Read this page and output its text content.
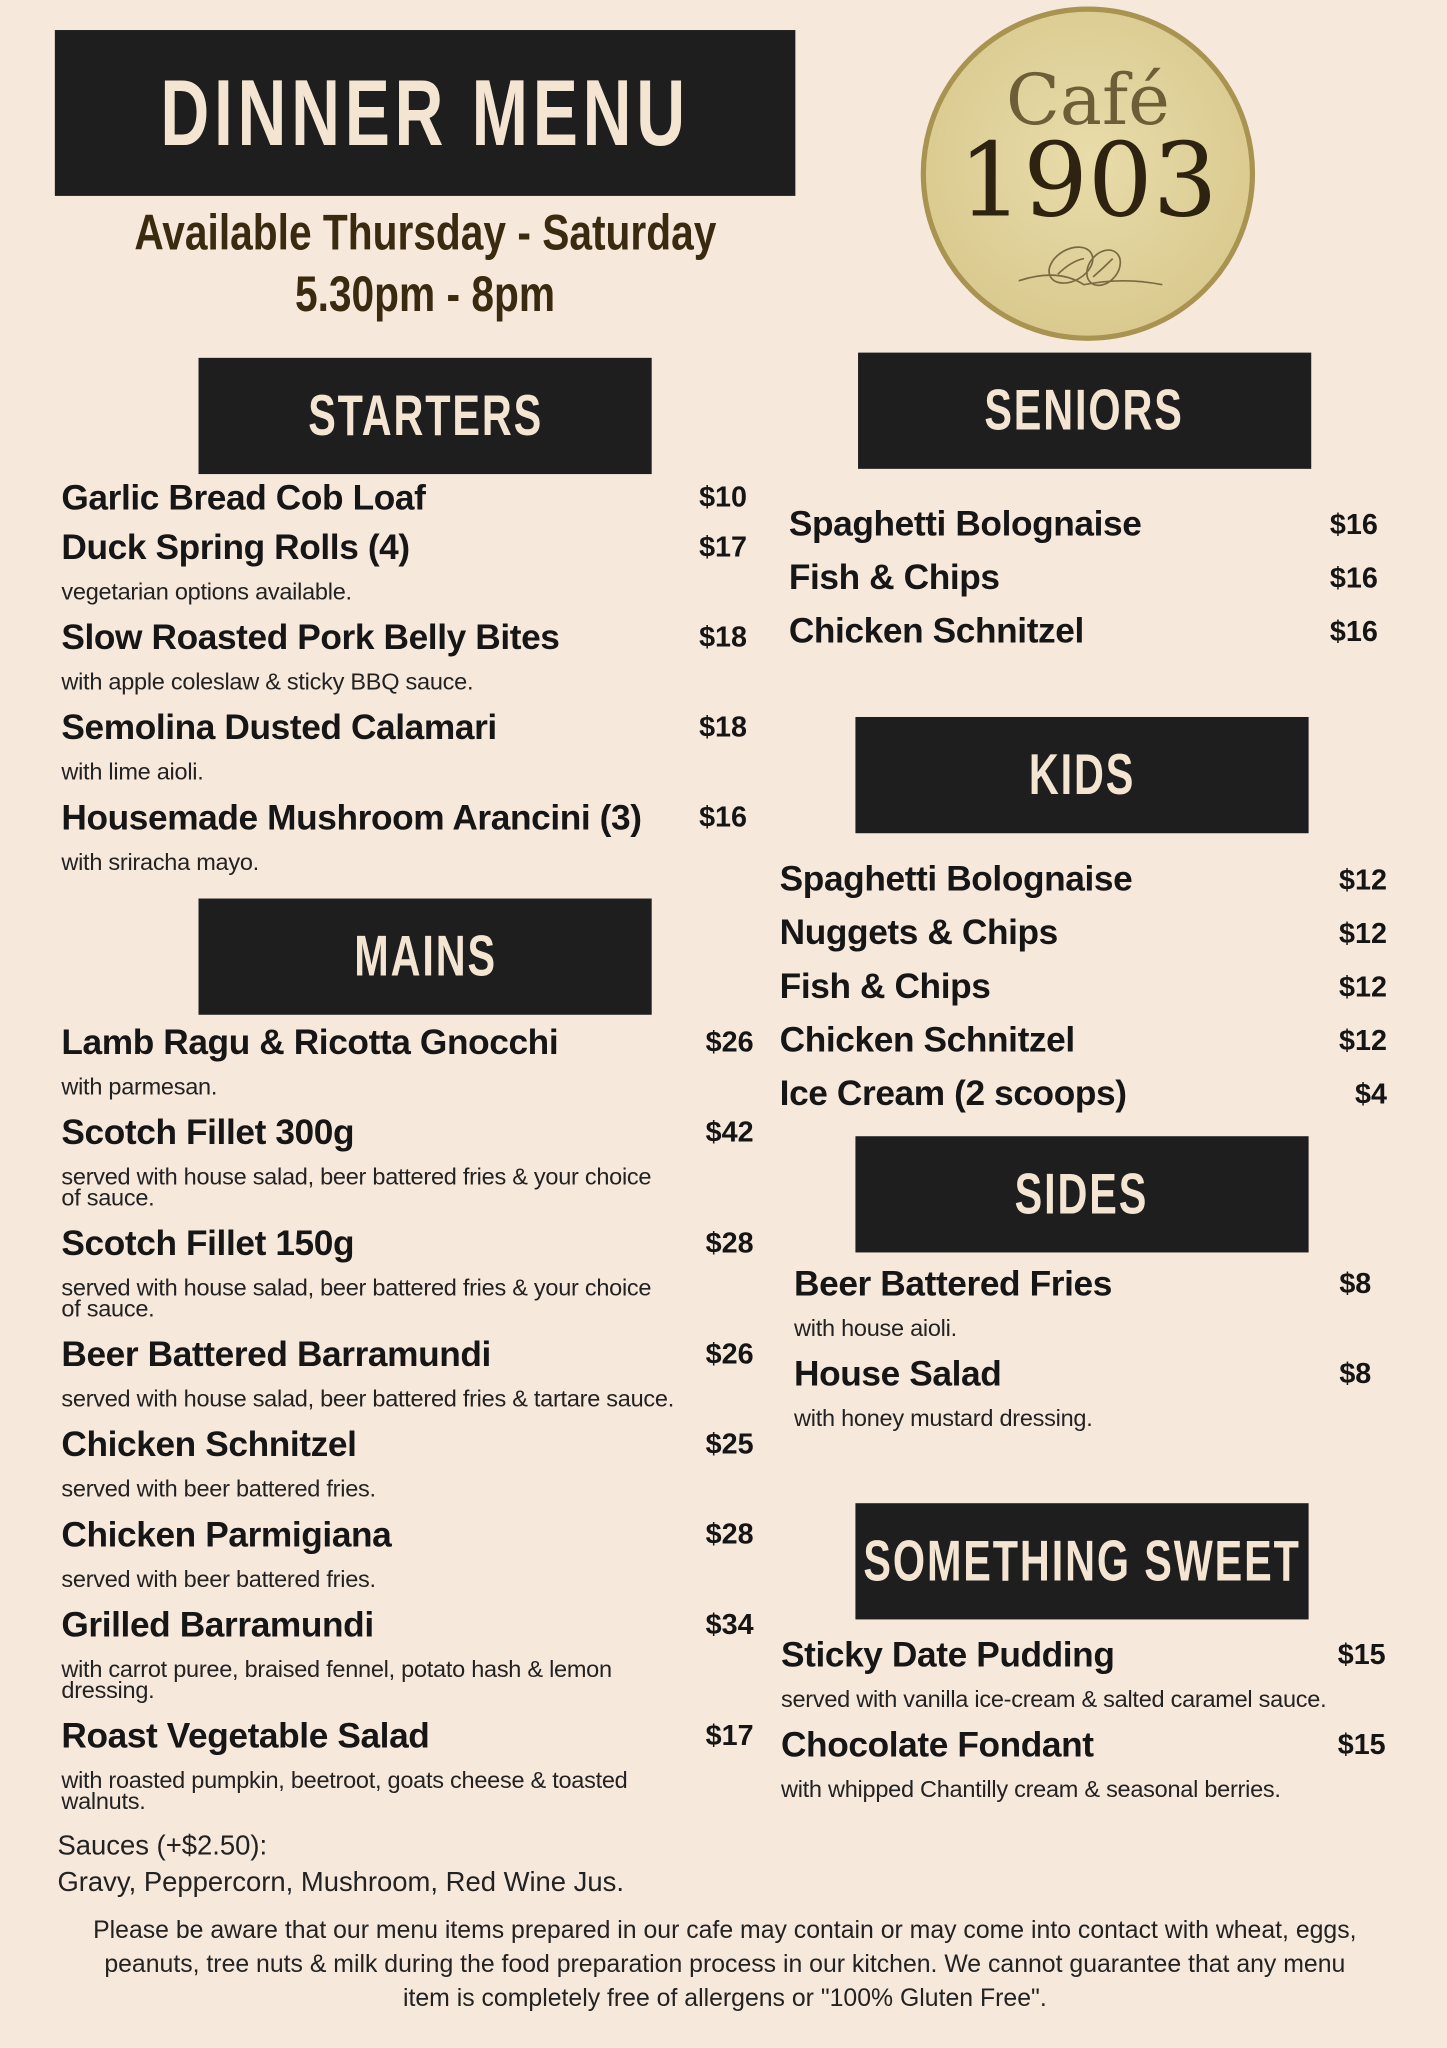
DINNER MENU
Available Thursday - Saturday
5.30pm - 8pm
Café
1903
STARTERS
Garlic Bread Cob Loaf	$10
Duck Spring Rolls (4)	$17
vegetarian options available.
Slow Roasted Pork Belly Bites	$18
with apple coleslaw & sticky BBQ sauce.
Semolina Dusted Calamari	$18
with lime aioli.
Housemade Mushroom Arancini (3)	$16
with sriracha mayo.
MAINS
Lamb Ragu & Ricotta Gnocchi	$26
with parmesan.
Scotch Fillet 300g	$42
served with house salad, beer battered fries & your choice of sauce.
Scotch Fillet 150g	$28
served with house salad, beer battered fries & your choice of sauce.
Beer Battered Barramundi	$26
served with house salad, beer battered fries & tartare sauce.
Chicken Schnitzel	$25
served with beer battered fries.
Chicken Parmigiana	$28
served with beer battered fries.
Grilled Barramundi	$34
with carrot puree, braised fennel, potato hash & lemon dressing.
Roast Vegetable Salad	$17
with roasted pumpkin, beetroot, goats cheese & toasted walnuts.
Sauces (+$2.50):
Gravy, Peppercorn, Mushroom, Red Wine Jus.
SENIORS
Spaghetti Bolognaise	$16
Fish & Chips	$16
Chicken Schnitzel	$16
KIDS
Spaghetti Bolognaise	$12
Nuggets & Chips	$12
Fish & Chips	$12
Chicken Schnitzel	$12
Ice Cream (2 scoops)	$4
SIDES
Beer Battered Fries	$8
with house aioli.
House Salad	$8
with honey mustard dressing.
SOMETHING SWEET
Sticky Date Pudding	$15
served with vanilla ice-cream & salted caramel sauce.
Chocolate Fondant	$15
with whipped Chantilly cream & seasonal berries.
Please be aware that our menu items prepared in our cafe may contain or may come into contact with wheat, eggs, peanuts, tree nuts & milk during the food preparation process in our kitchen. We cannot guarantee that any menu item is completely free of allergens or "100% Gluten Free".
